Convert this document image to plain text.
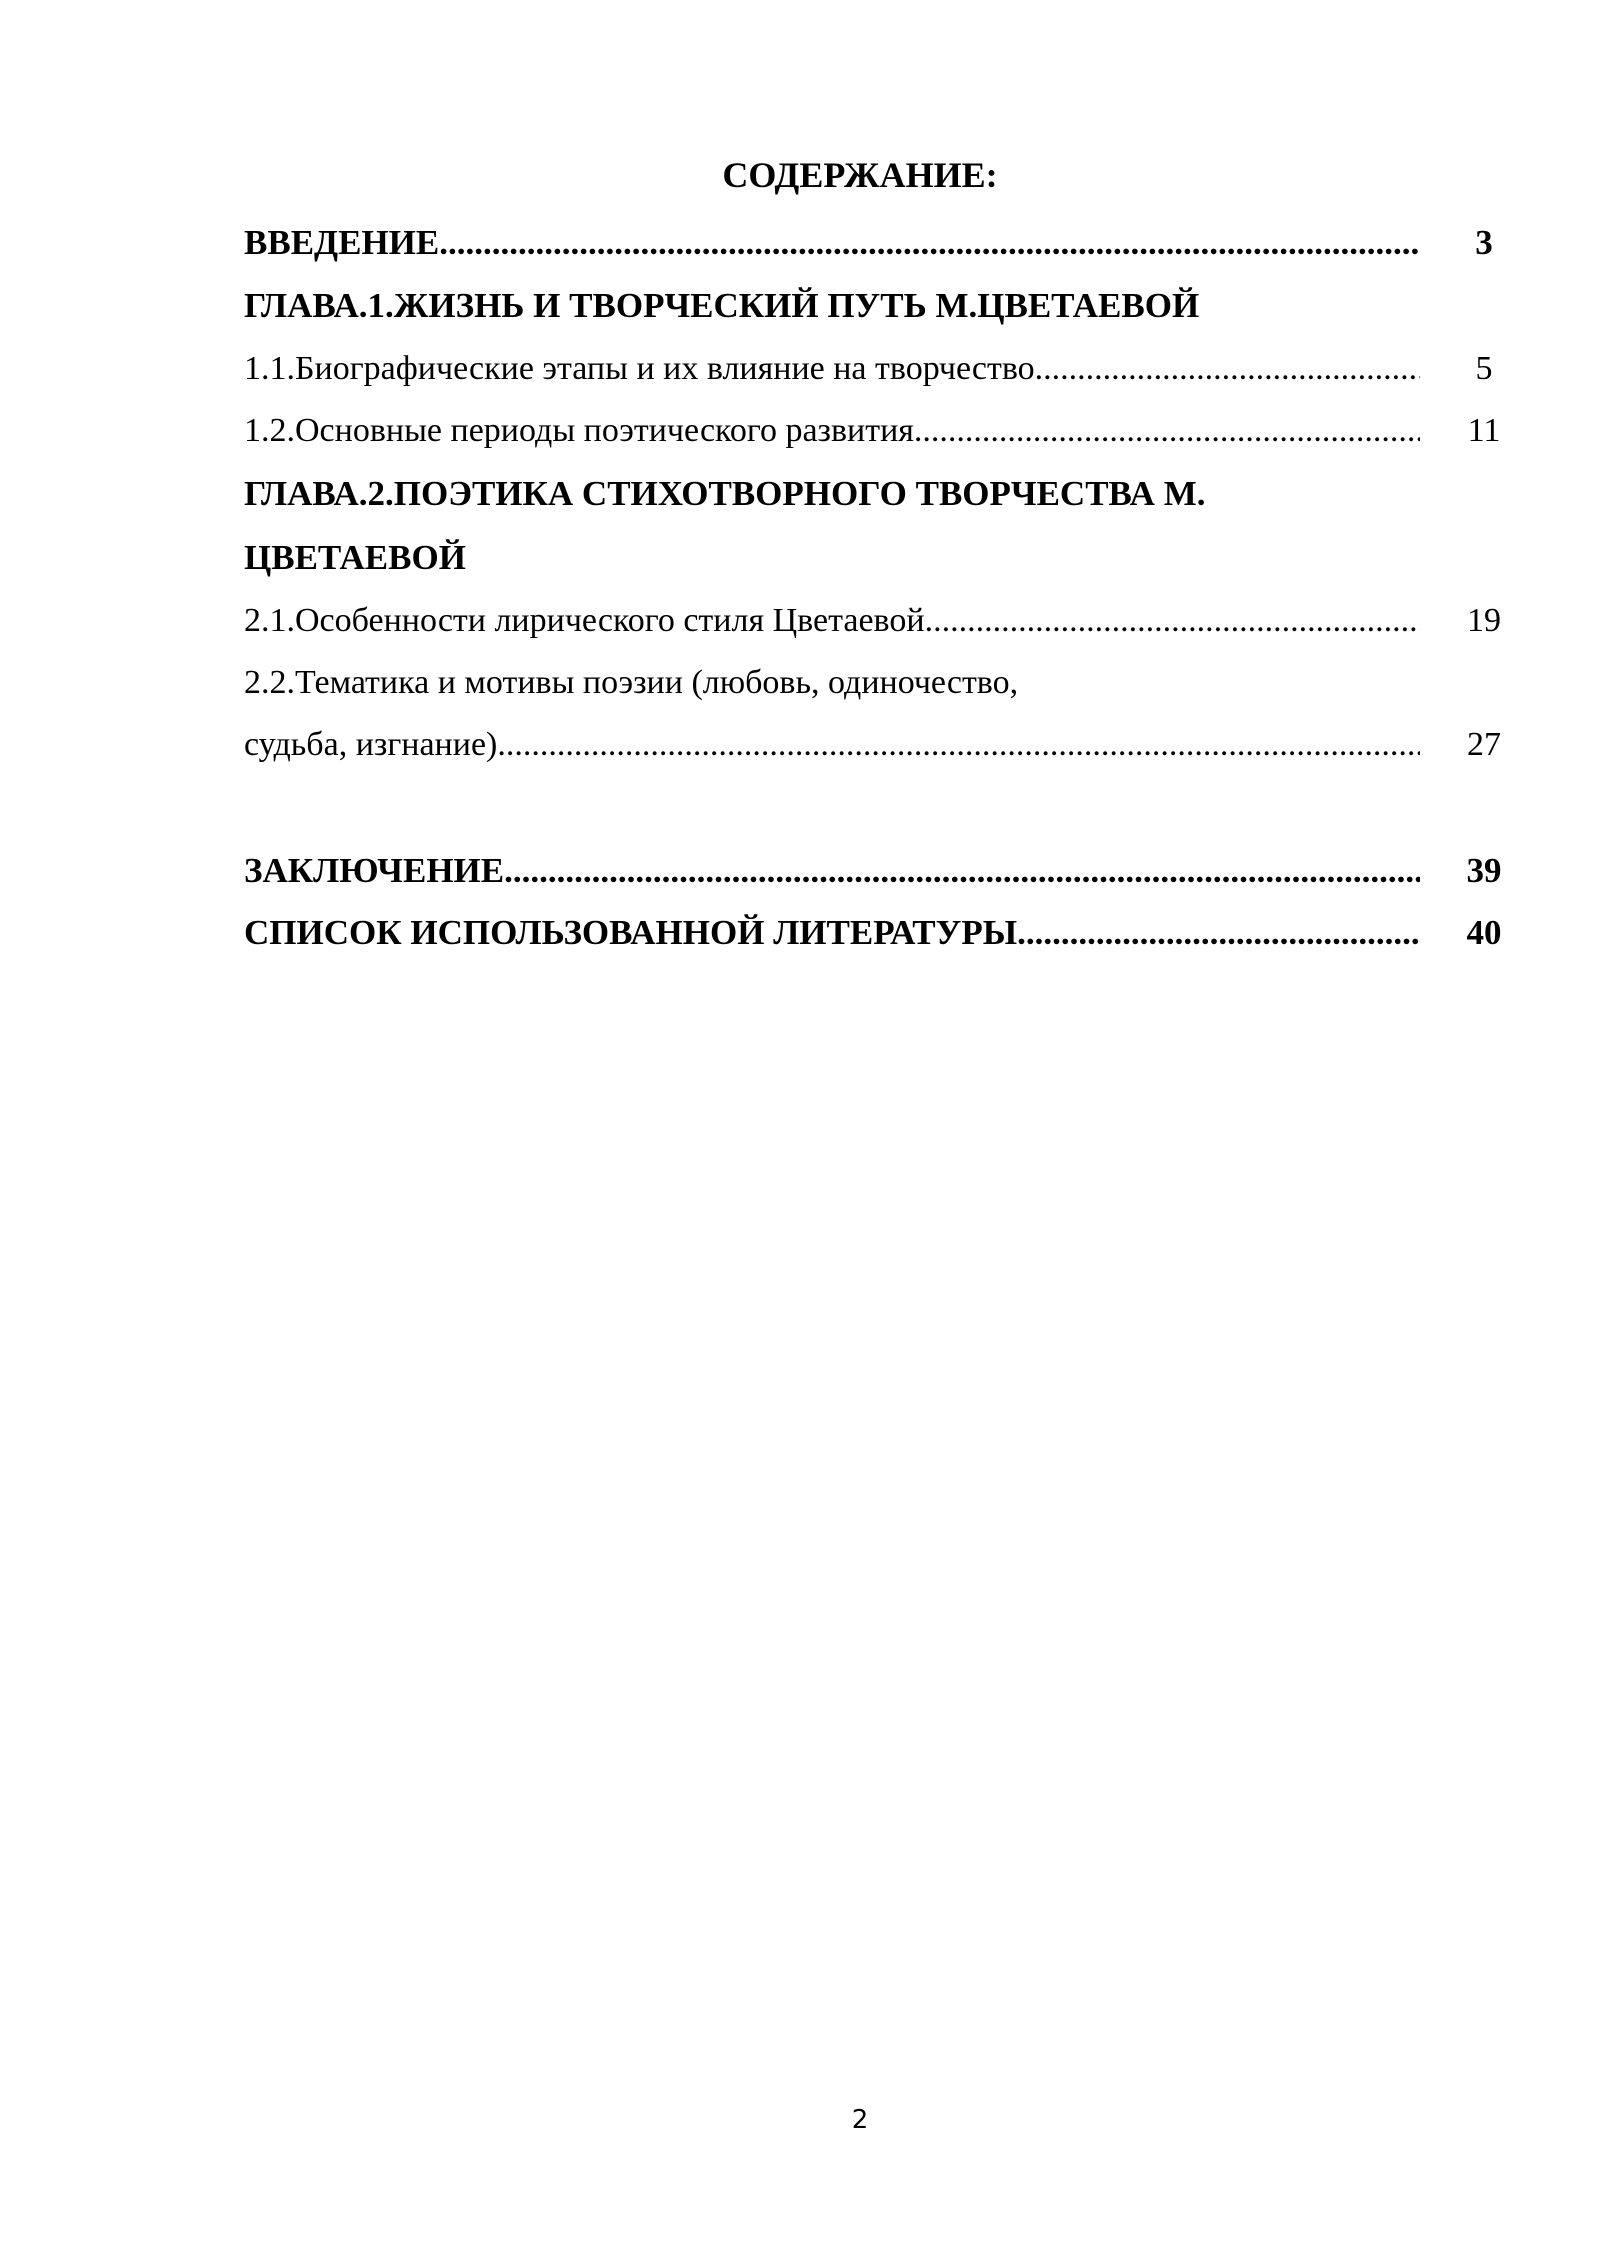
СОДЕРЖАНИЕ:
ВВЕДЕНИЕ .....	3
ГЛАВА.1.ЖИЗНЬ И ТВОРЧЕСКИЙ ПУТЬ М.ЦВЕТАЕВОЙ
1.1.Биографические этапы и их влияние на творчество .....	5
1.2.Основные периоды поэтического развития .....	11
ГЛАВА.2.ПОЭТИКА СТИХОТВОРНОГО ТВОРЧЕСТВА М.
ЦВЕТАЕВОЙ
2.1.Особенности лирического стиля Цветаевой .....	19
2.2.Тематика и мотивы поэзии (любовь, одиночество,
судьба, изгнание) .....	27
ЗАКЛЮЧЕНИЕ .....	39
СПИСОК ИСПОЛЬЗОВАННОЙ ЛИТЕРАТУРЫ .....	40
2
